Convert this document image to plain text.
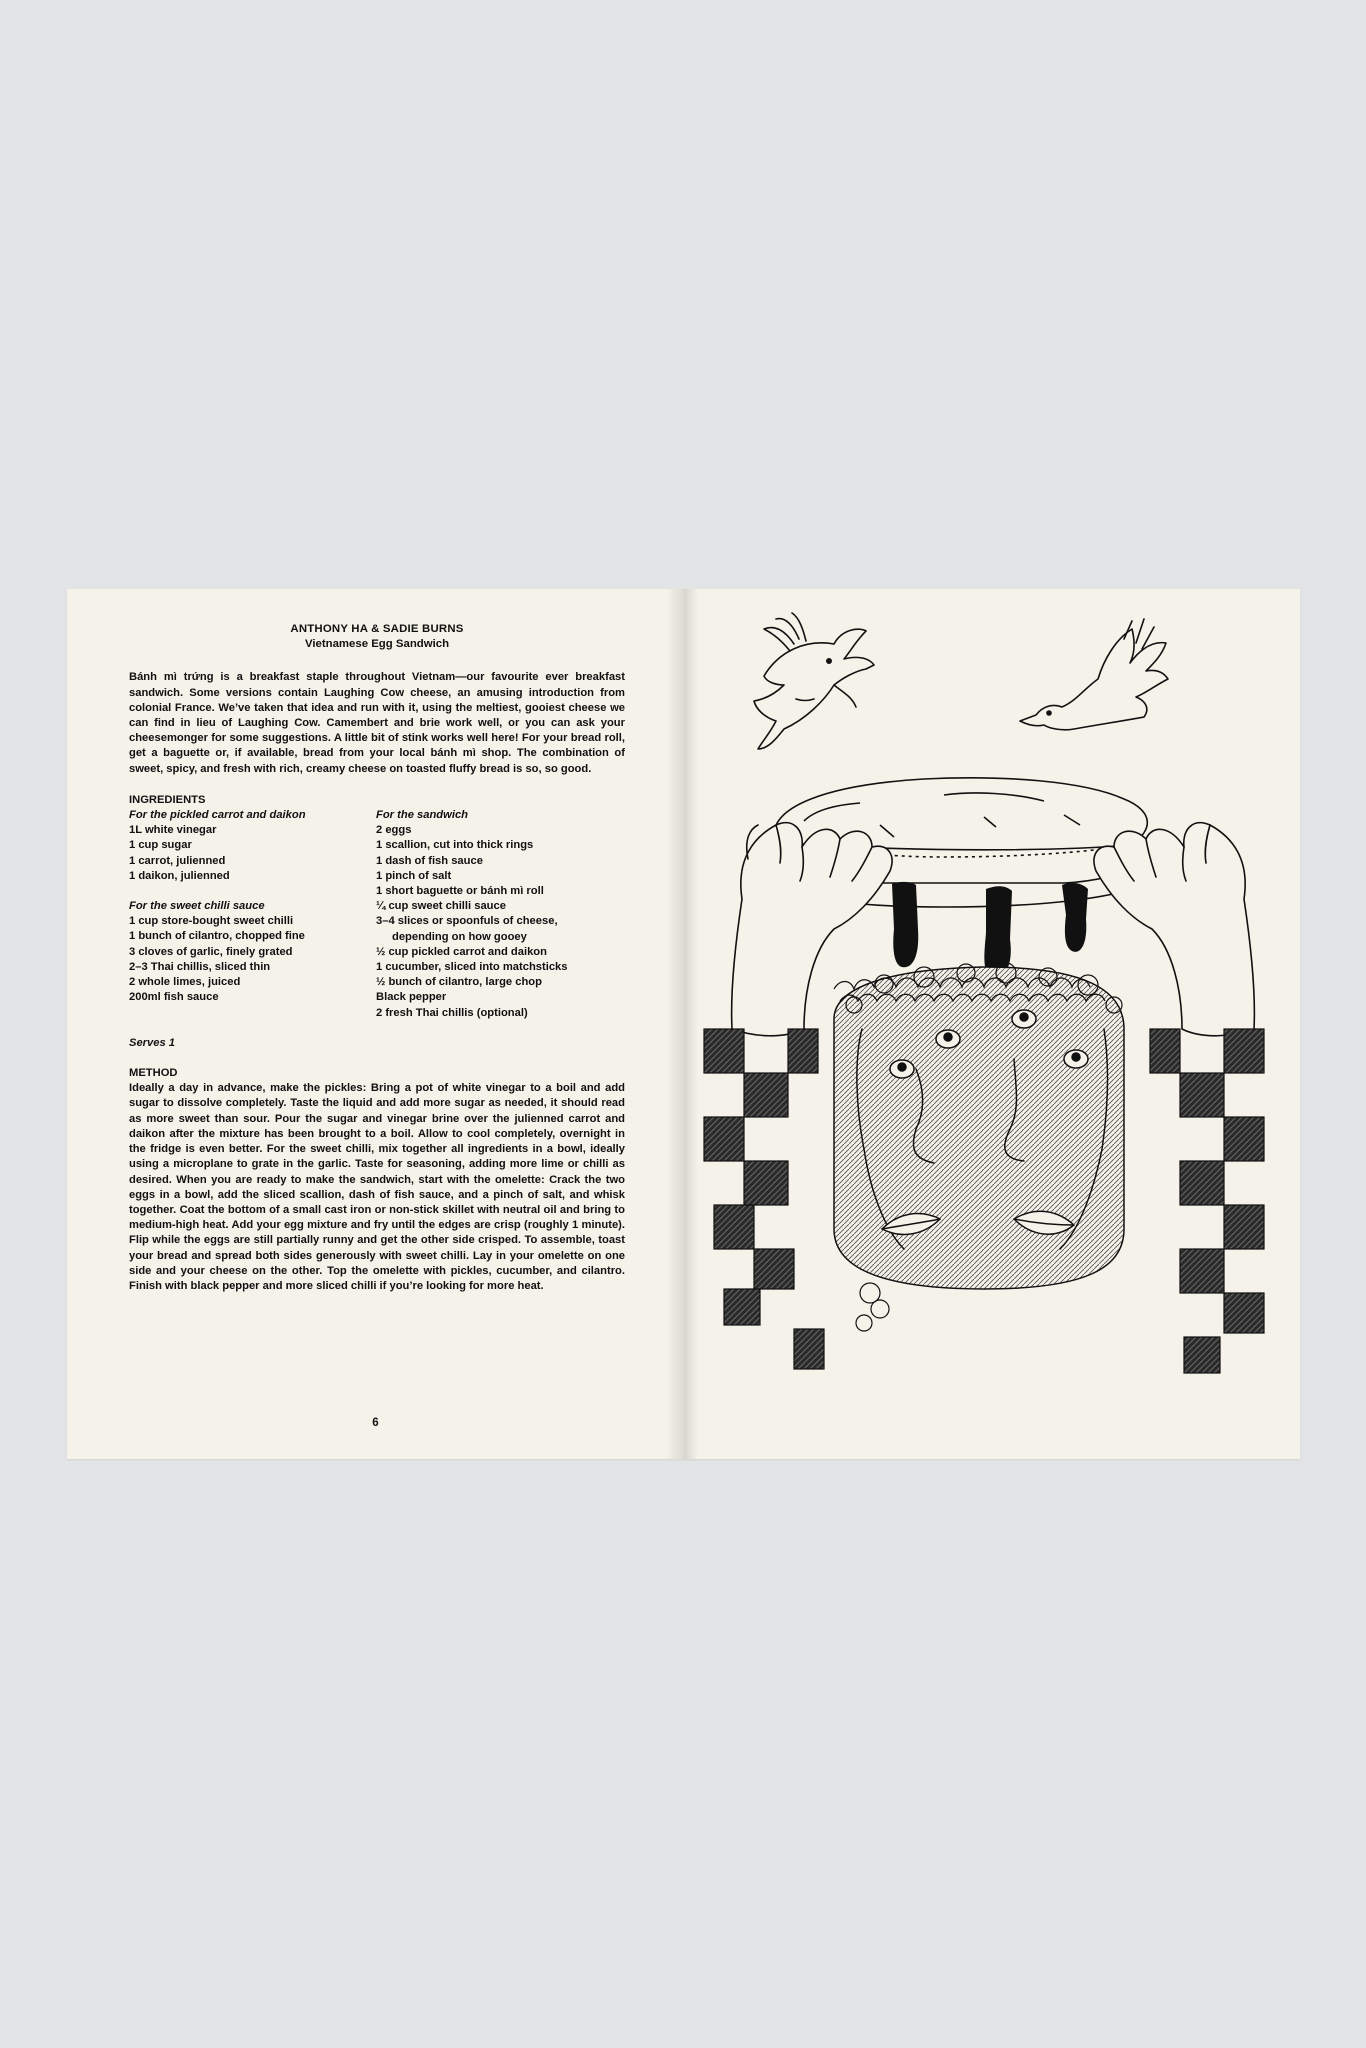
ANTHONY HA & SADIE BURNS

Vietnamese Egg Sandwich

Bánh mì trứng is a breakfast staple throughout Vietnam—our favourite ever breakfast sandwich. Some versions contain Laughing Cow cheese, an amusing introduction from colonial France. We’ve taken that idea and run with it, using the meltiest, gooiest cheese we can find in lieu of Laughing Cow. Camembert and brie work well, or you can ask your cheesemonger for some suggestions. A little bit of stink works well here! For your bread roll, get a baguette or, if available, bread from your local bánh mì shop. The combination of sweet, spicy, and fresh with rich, creamy cheese on toasted fluffy bread is so, so good.

INGREDIENTS

For the pickled carrot and daikon

1L white vinegar

1 cup sugar

1 carrot, julienned

1 daikon, julienned

For the sweet chilli sauce

1 cup store-bought sweet chilli

1 bunch of cilantro, chopped fine

3 cloves of garlic, finely grated

2–3 Thai chillis, sliced thin

2 whole limes, juiced

200ml fish sauce

For the sandwich

2 eggs

1 scallion, cut into thick rings

1 dash of fish sauce

1 pinch of salt

1 short baguette or bánh mì roll

¼ cup sweet chilli sauce

3–4 slices or spoonfuls of cheese,

depending on how gooey

½ cup pickled carrot and daikon

1 cucumber, sliced into matchsticks

½ bunch of cilantro, large chop

Black pepper

2 fresh Thai chillis (optional)

Serves 1

METHOD

Ideally a day in advance, make the pickles: Bring a pot of white vinegar to a boil and add sugar to dissolve completely. Taste the liquid and add more sugar as needed, it should read as more sweet than sour. Pour the sugar and vinegar brine over the julienned carrot and daikon after the mixture has been brought to a boil. Allow to cool completely, overnight in the fridge is even better. For the sweet chilli, mix together all ingredients in a bowl, ideally using a microplane to grate in the garlic. Taste for seasoning, adding more lime or chilli as desired. When you are ready to make the sandwich, start with the omelette: Crack the two eggs in a bowl, add the sliced scallion, dash of fish sauce, and a pinch of salt, and whisk together. Coat the bottom of a small cast iron or non-stick skillet with neutral oil and bring to medium-high heat. Add your egg mixture and fry until the edges are crisp (roughly 1 minute). Flip while the eggs are still partially runny and get the other side crisped. To assemble, toast your bread and spread both sides generously with sweet chilli. Lay in your omelette on one side and your cheese on the other. Top the omelette with pickles, cucumber, and cilantro. Finish with black pepper and more sliced chilli if you’re looking for more heat.

6
